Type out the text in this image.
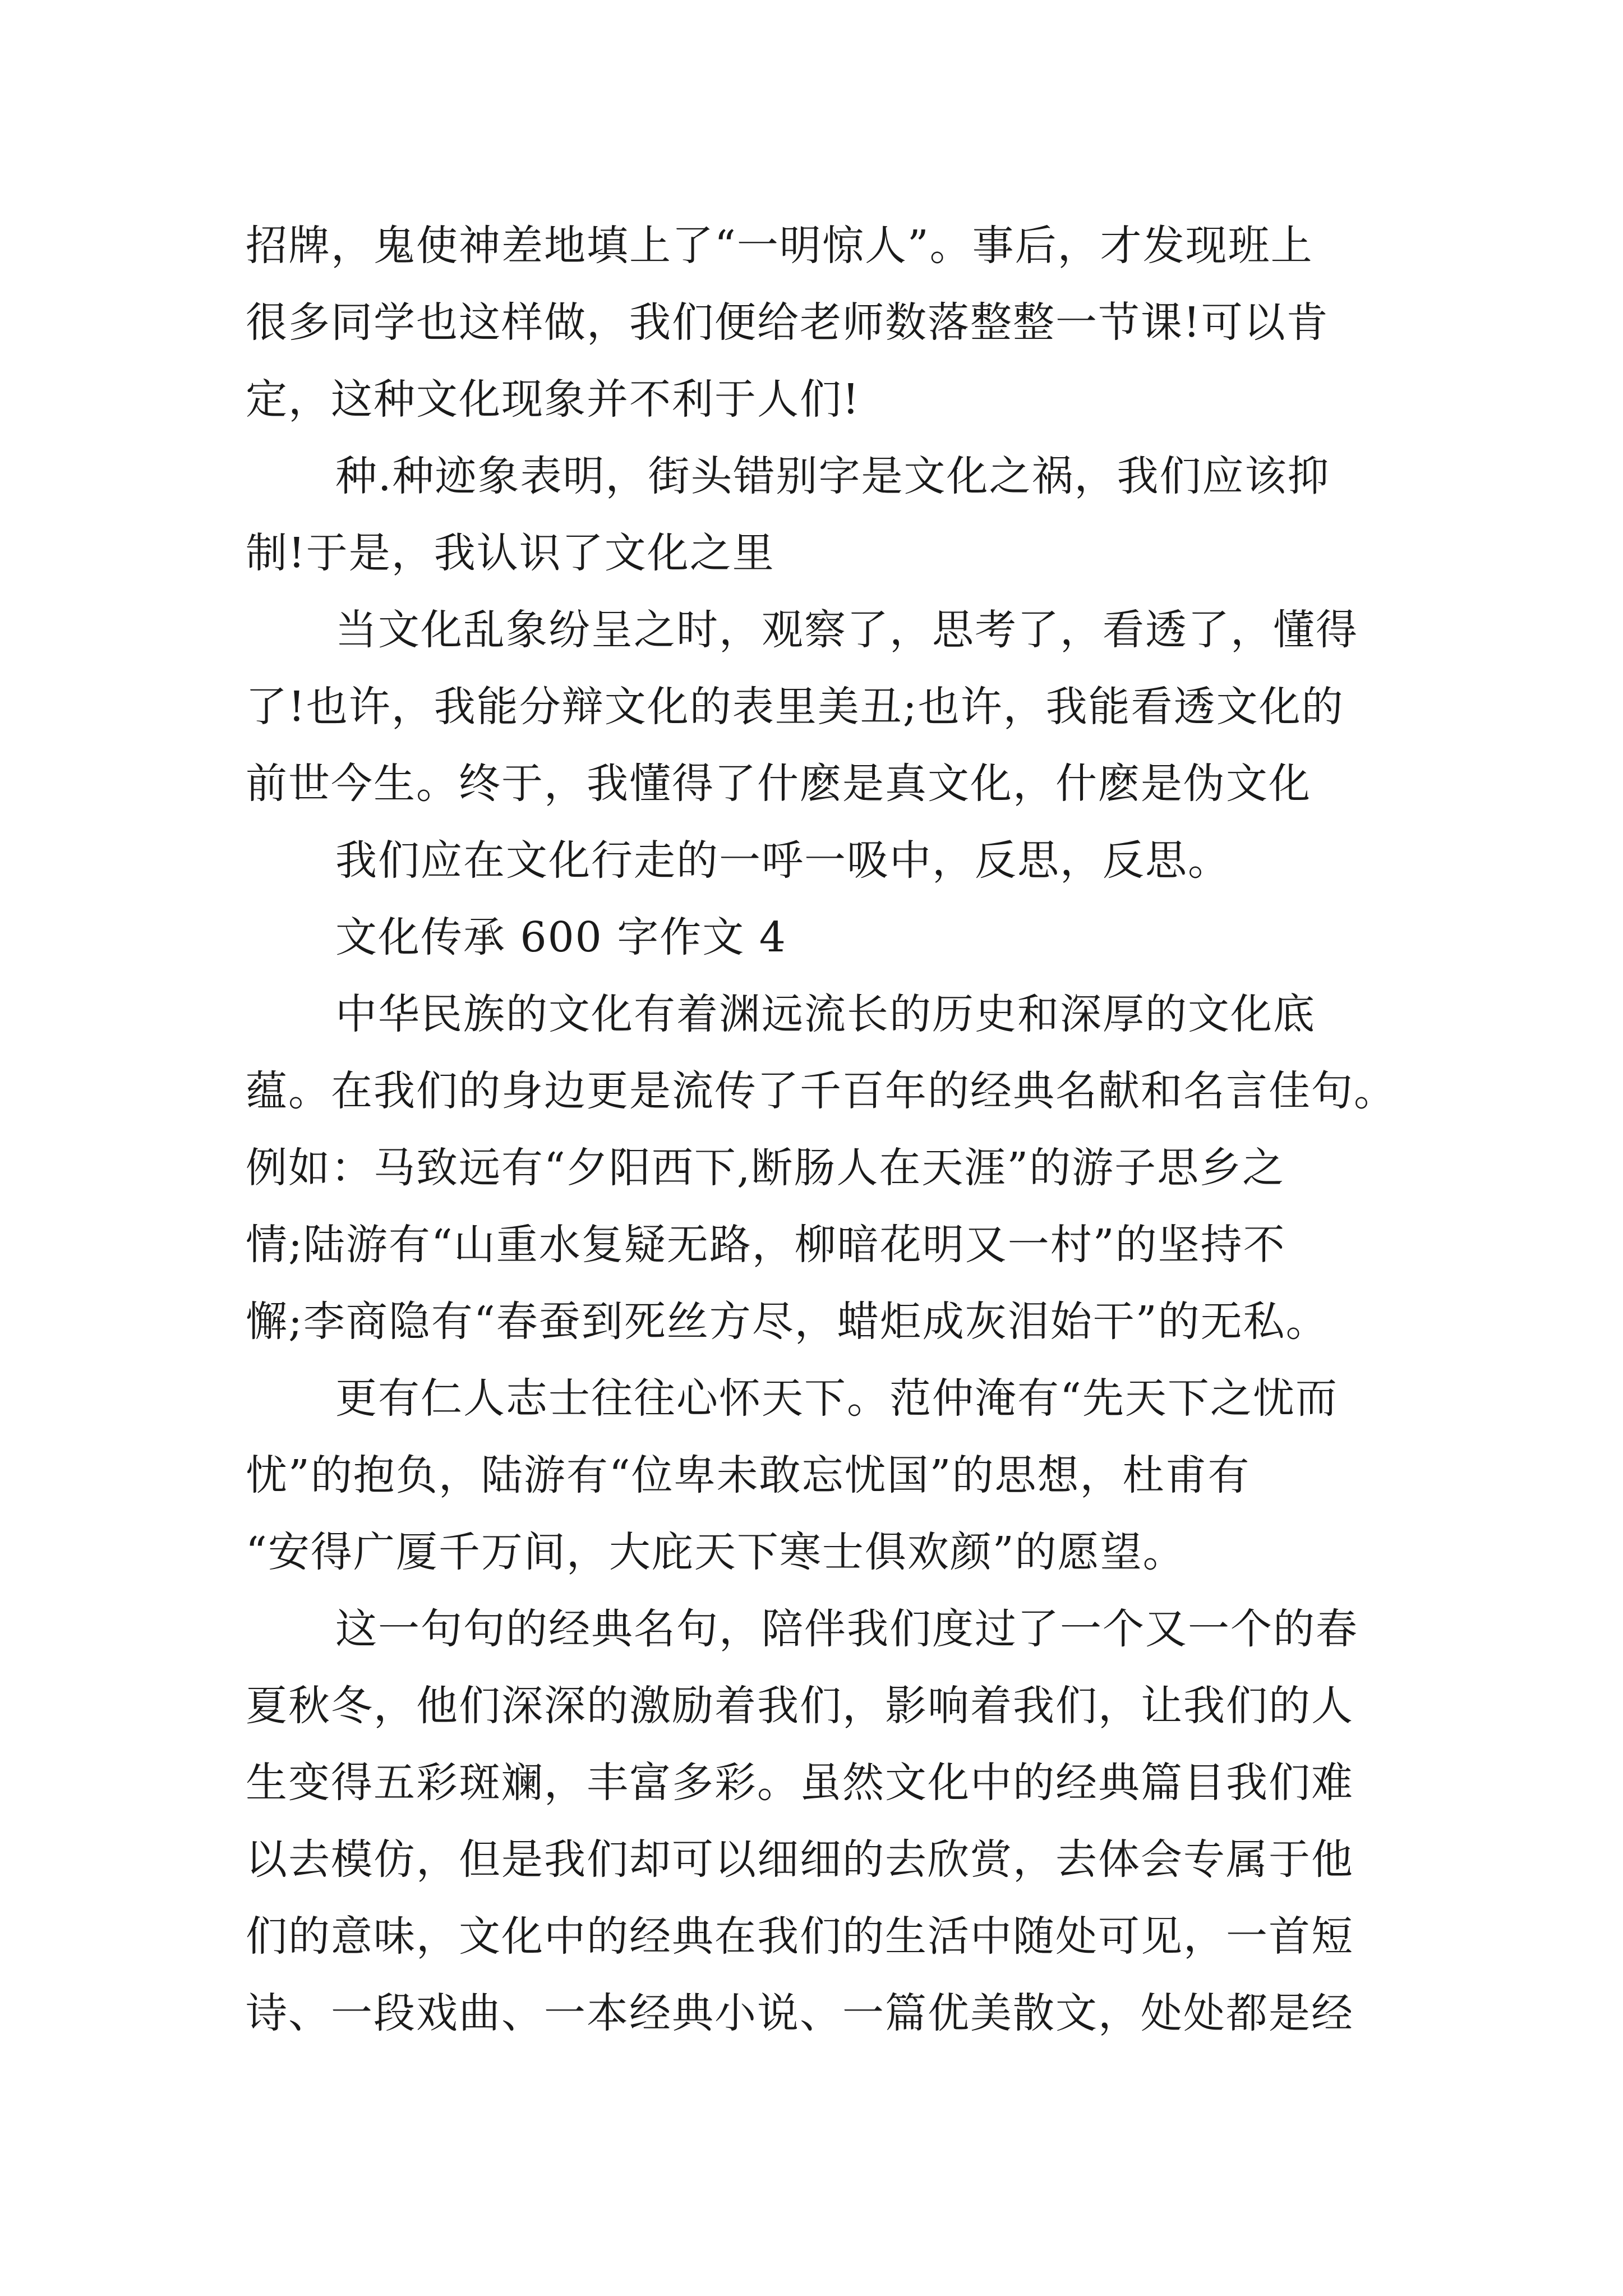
招牌，鬼使神差地填上了“一明惊人”。事后，才发现班上
很多同学也这样做，我们便给老师数落整整一节课!可以肯
定，这种文化现象并不利于人们!
种.种迹象表明，街头错别字是文化之祸，我们应该抑
制!于是，我认识了文化之里
当文化乱象纷呈之时，观察了，思考了，看透了，懂得
了!也许，我能分辩文化的表里美丑;也许，我能看透文化的
前世今生。终于，我懂得了什麽是真文化，什麽是伪文化
我们应在文化行走的一呼一吸中，反思，反思。
文化传承 600 字作文 4
中华民族的文化有着渊远流长的历史和深厚的文化底
蕴。在我们的身边更是流传了千百年的经典名献和名言佳句。
例如：马致远有“夕阳西下,断肠人在天涯”的游子思乡之
情;陆游有“山重水复疑无路，柳暗花明又一村”的坚持不
懈;李商隐有“春蚕到死丝方尽，蜡炬成灰泪始干”的无私。
更有仁人志士往往心怀天下。范仲淹有“先天下之忧而
忧”的抱负，陆游有“位卑未敢忘忧国”的思想，杜甫有
“安得广厦千万间，大庇天下寒士俱欢颜”的愿望。
这一句句的经典名句，陪伴我们度过了一个又一个的春
夏秋冬，他们深深的激励着我们，影响着我们，让我们的人
生变得五彩斑斓，丰富多彩。虽然文化中的经典篇目我们难
以去模仿，但是我们却可以细细的去欣赏，去体会专属于他
们的意味，文化中的经典在我们的生活中随处可见，一首短
诗、一段戏曲、一本经典小说、一篇优美散文，处处都是经
